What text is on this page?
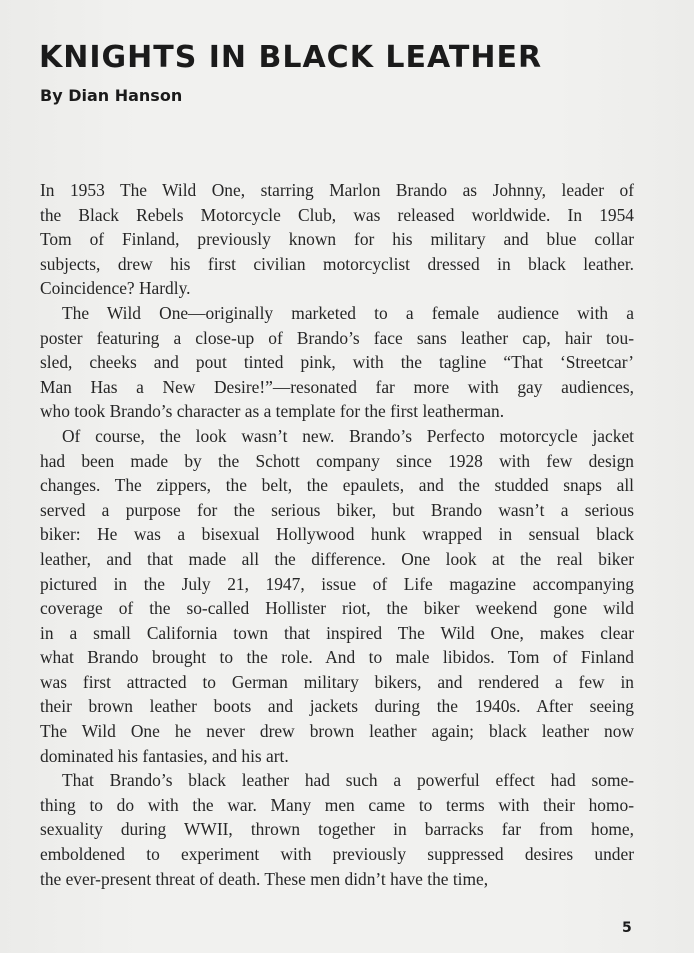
KNIGHTS IN BLACK LEATHER
By Dian Hanson
In 1953 The Wild One, starring Marlon Brando as Johnny, leader of
the Black Rebels Motorcycle Club, was released worldwide. In 1954
Tom of Finland, previously known for his military and blue collar
subjects, drew his first civilian motorcyclist dressed in black leather.
Coincidence? Hardly.
The Wild One—originally marketed to a female audience with a
poster featuring a close-up of Brando’s face sans leather cap, hair tou-
sled, cheeks and pout tinted pink, with the tagline “That ‘Streetcar’
Man Has a New Desire!”—resonated far more with gay audiences,
who took Brando’s character as a template for the first leatherman.
Of course, the look wasn’t new. Brando’s Perfecto motorcycle jacket
had been made by the Schott company since 1928 with few design
changes. The zippers, the belt, the epaulets, and the studded snaps all
served a purpose for the serious biker, but Brando wasn’t a serious
biker: He was a bisexual Hollywood hunk wrapped in sensual black
leather, and that made all the difference. One look at the real biker
pictured in the July 21, 1947, issue of Life magazine accompanying
coverage of the so-called Hollister riot, the biker weekend gone wild
in a small California town that inspired The Wild One, makes clear
what Brando brought to the role. And to male libidos. Tom of Finland
was first attracted to German military bikers, and rendered a few in
their brown leather boots and jackets during the 1940s. After seeing
The Wild One he never drew brown leather again; black leather now
dominated his fantasies, and his art.
That Brando’s black leather had such a powerful effect had some-
thing to do with the war. Many men came to terms with their homo-
sexuality during WWII, thrown together in barracks far from home,
emboldened to experiment with previously suppressed desires under
the ever-present threat of death. These men didn’t have the time,
5
